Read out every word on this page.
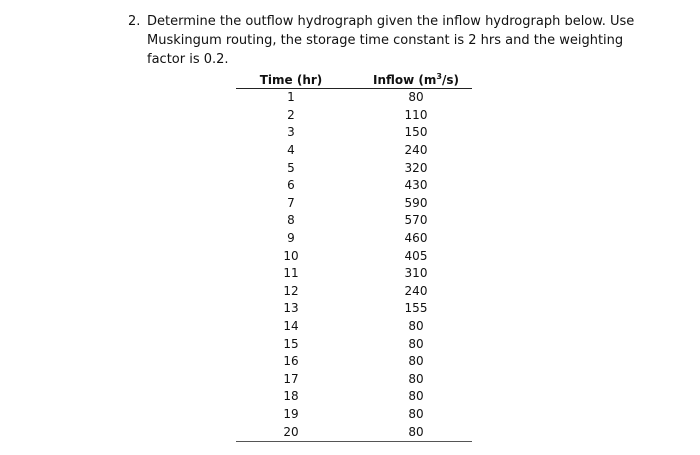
2. Determine the outflow hydrograph given the inflow hydrograph below. Use
Muskingum routing, the storage time constant is 2 hrs and the weighting
factor is 0.2.
Time (hr)		Inflow $(m^3/s)$
1		80
2		110
3		150
4		240
5		320
6		430
7		590
8		570
9		460
10		405
11		310
12		240
13		155
14		80
15		80
16		80
17		80
18		80
19		80
20		80
